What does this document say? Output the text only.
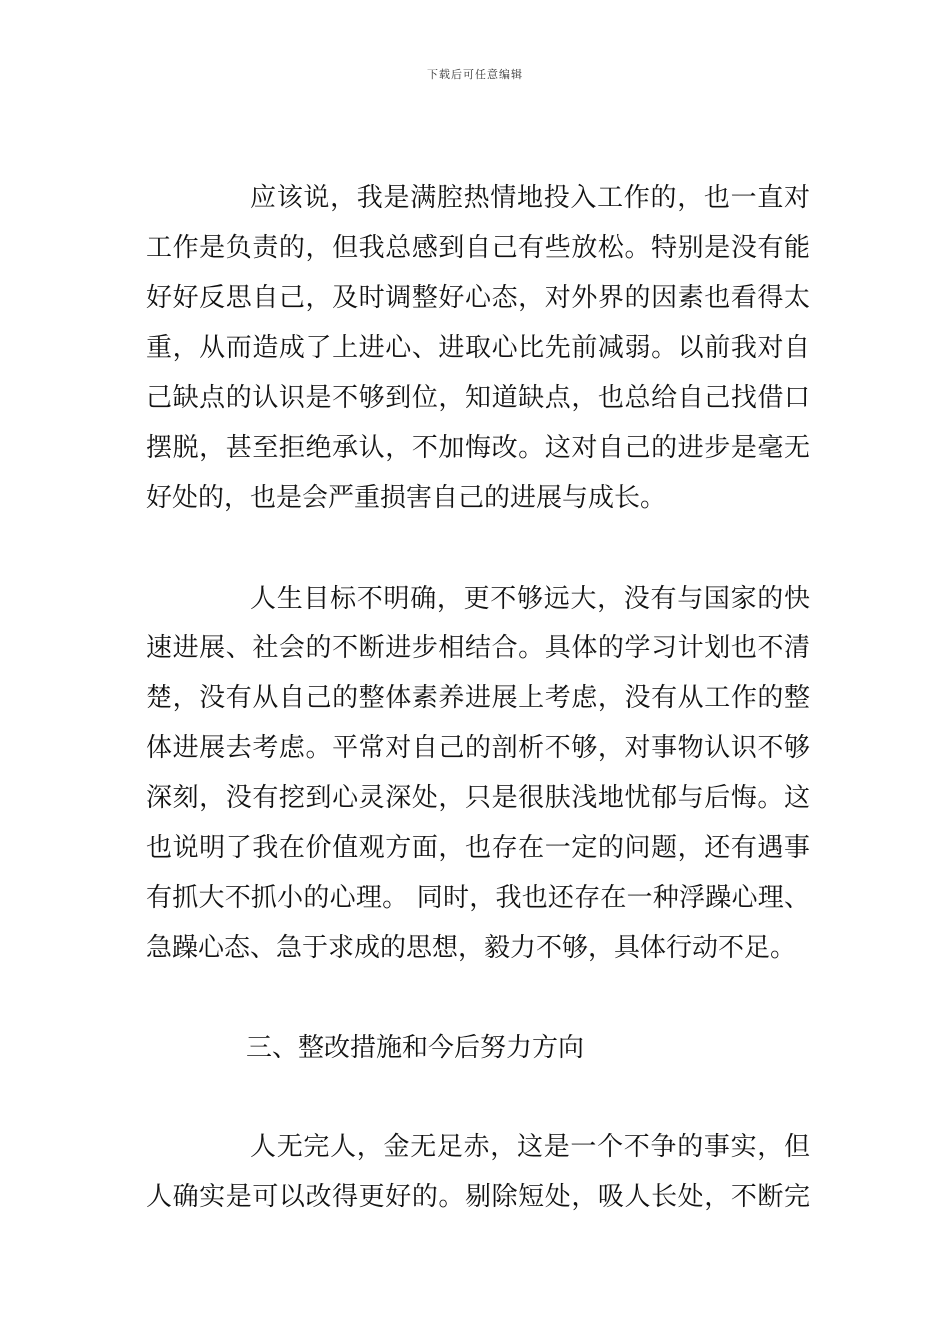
下载后可任意编辑
应该说，我是满腔热情地投入工作的，也一直对
工作是负责的，但我总感到自己有些放松。特别是没有能
好好反思自己，及时调整好心态，对外界的因素也看得太
重，从而造成了上进心、进取心比先前减弱。以前我对自
己缺点的认识是不够到位，知道缺点，也总给自己找借口
摆脱，甚至拒绝承认，不加悔改。这对自己的进步是毫无
好处的，也是会严重损害自己的进展与成长。
人生目标不明确，更不够远大，没有与国家的快
速进展、社会的不断进步相结合。具体的学习计划也不清
楚，没有从自己的整体素养进展上考虑，没有从工作的整
体进展去考虑。平常对自己的剖析不够，对事物认识不够
深刻，没有挖到心灵深处，只是很肤浅地忧郁与后悔。这
也说明了我在价值观方面，也存在一定的问题，还有遇事
有抓大不抓小的心理。 同时，我也还存在一种浮躁心理、
急躁心态、急于求成的思想，毅力不够，具体行动不足。
三、整改措施和今后努力方向
人无完人，金无足赤，这是一个不争的事实，但
人确实是可以改得更好的。剔除短处，吸人长处，不断完
